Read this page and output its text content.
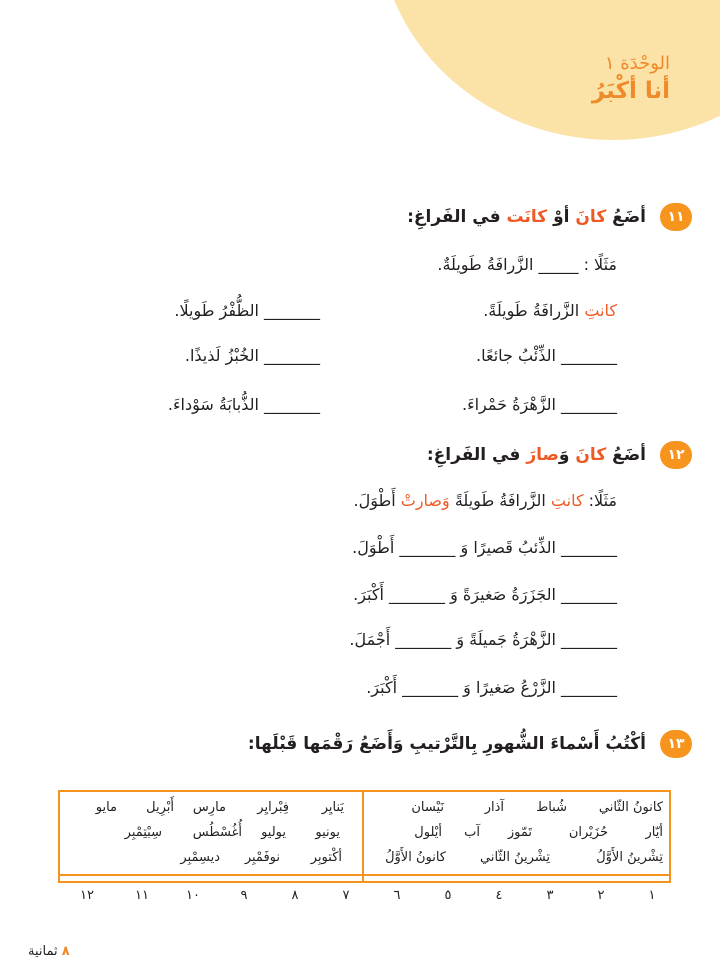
الوحْدَة ١
أنا أكْبَرُ
١١
أضَعُ كانَ أوْ كانَت في الفَراغِ:
مَثَلًا : _____ الزَّرافَةُ طَويلَةٌ.
كانتِ الزَّرافَةُ طَويلَةً.
_______ الظُّفْرُ طَويلًا.
_______ الذِّئْبُ جائعًا.
_______ الخُبْزُ لَذيذًا.
_______ الزَّهْرَةُ حَمْراءَ.
_______ الذُّبابَةُ سَوْداءَ.
١٢
أضَعُ كانَ وَصارَ في الفَراغِ:
مَثَلًا: كانتِ الزَّرافَةُ طَويلَةً وَصارتْ أَطْوَلَ.
_______ الذِّئبُ قَصيرًا وَ _______ أَطْوَلَ.
_______ الجَزَرَةُ صَغيرَةً وَ _______ أَكْبَرَ.
_______ الزَّهْرَةُ جَميلَةً وَ _______ أَجْمَلَ.
_______ الزَّرْعُ صَغيرًا وَ _______ أَكْبَرَ.
١٣
أكْتُبُ أَسْماءَ الشُّهورِ بِالتَّرْتيبِ وَأَضَعُ رَقْمَها قَبْلَها:
كانونُ الثّاني
شُباط
آذار
نَيْسان
أيّار
حُزَيْران
تَمّوز
آب
أيْلول
تِشْرينُ الأَوَّلُ
تِشْرينُ الثّاني
كانونُ الأَوَّلُ
يَنايِر
فِبْرايِر
مارِس
أَبْرِيل
مايو
يونيو
يوليو
أُغُسْطُس
سِبْتِمْبِر
أكْتوبِر
نوفَمْبِر
ديسِمْبِر
١
٢
٣
٤
٥
٦
٧
٨
٩
١٠
١١
١٢
٨ ثمانية
